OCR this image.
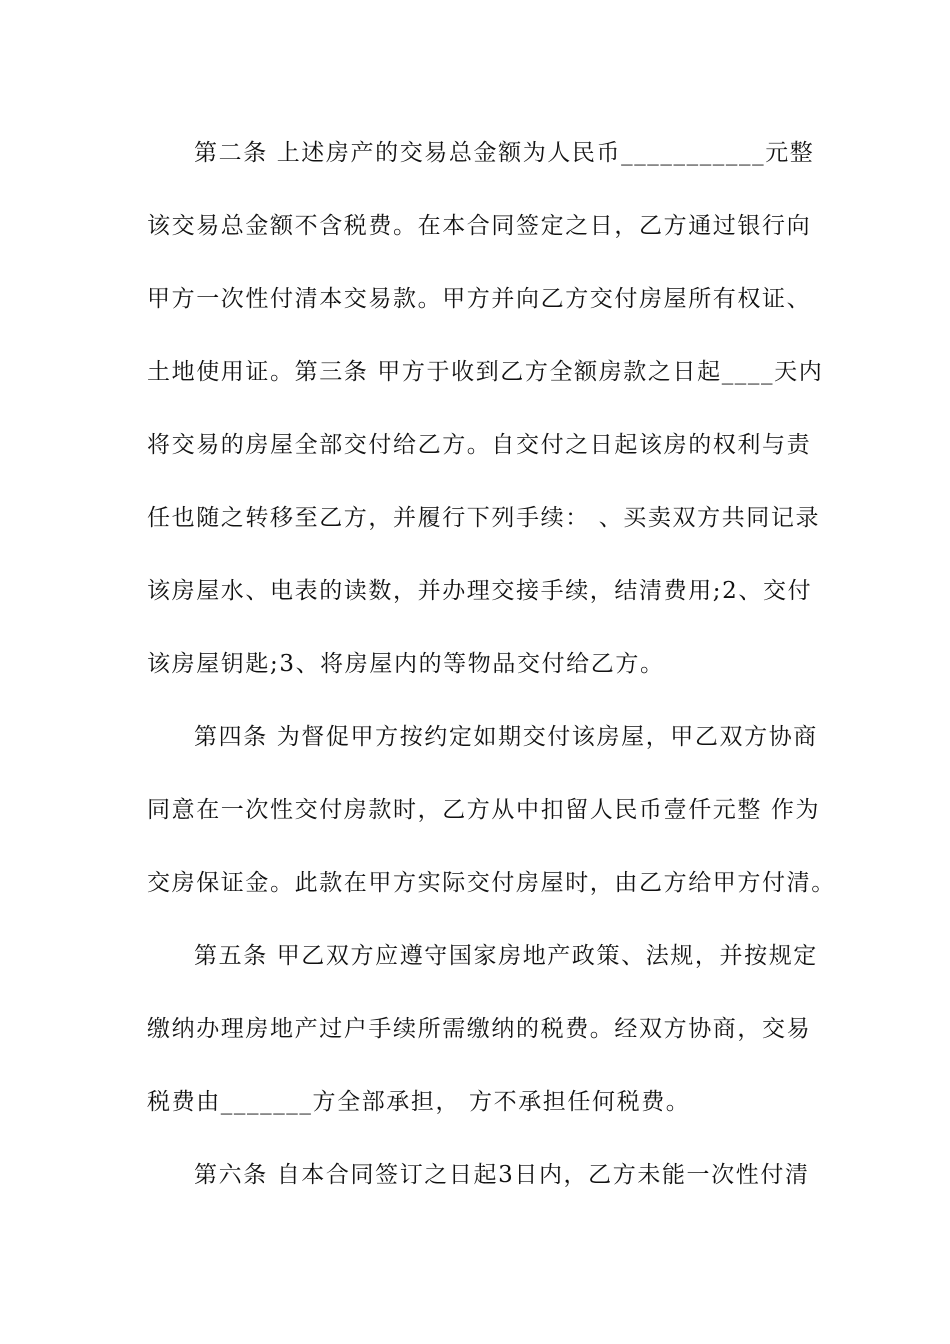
第二条 上述房产的交易总金额为人民币___________元整
该交易总金额不含税费。在本合同签定之日，乙方通过银行向
甲方一次性付清本交易款。甲方并向乙方交付房屋所有权证、
土地使用证。第三条 甲方于收到乙方全额房款之日起____天内
将交易的房屋全部交付给乙方。自交付之日起该房的权利与责
任也随之转移至乙方，并履行下列手续： 、买卖双方共同记录
该房屋水、电表的读数，并办理交接手续，结清费用;2、交付
该房屋钥匙;3、将房屋内的等物品交付给乙方。
第四条 为督促甲方按约定如期交付该房屋，甲乙双方协商
同意在一次性交付房款时，乙方从中扣留人民币壹仟元整 作为
交房保证金。此款在甲方实际交付房屋时，由乙方给甲方付清。
第五条 甲乙双方应遵守国家房地产政策、法规，并按规定
缴纳办理房地产过户手续所需缴纳的税费。经双方协商，交易
税费由_______方全部承担， 方不承担任何税费。
第六条 自本合同签订之日起3日内，乙方未能一次性付清
